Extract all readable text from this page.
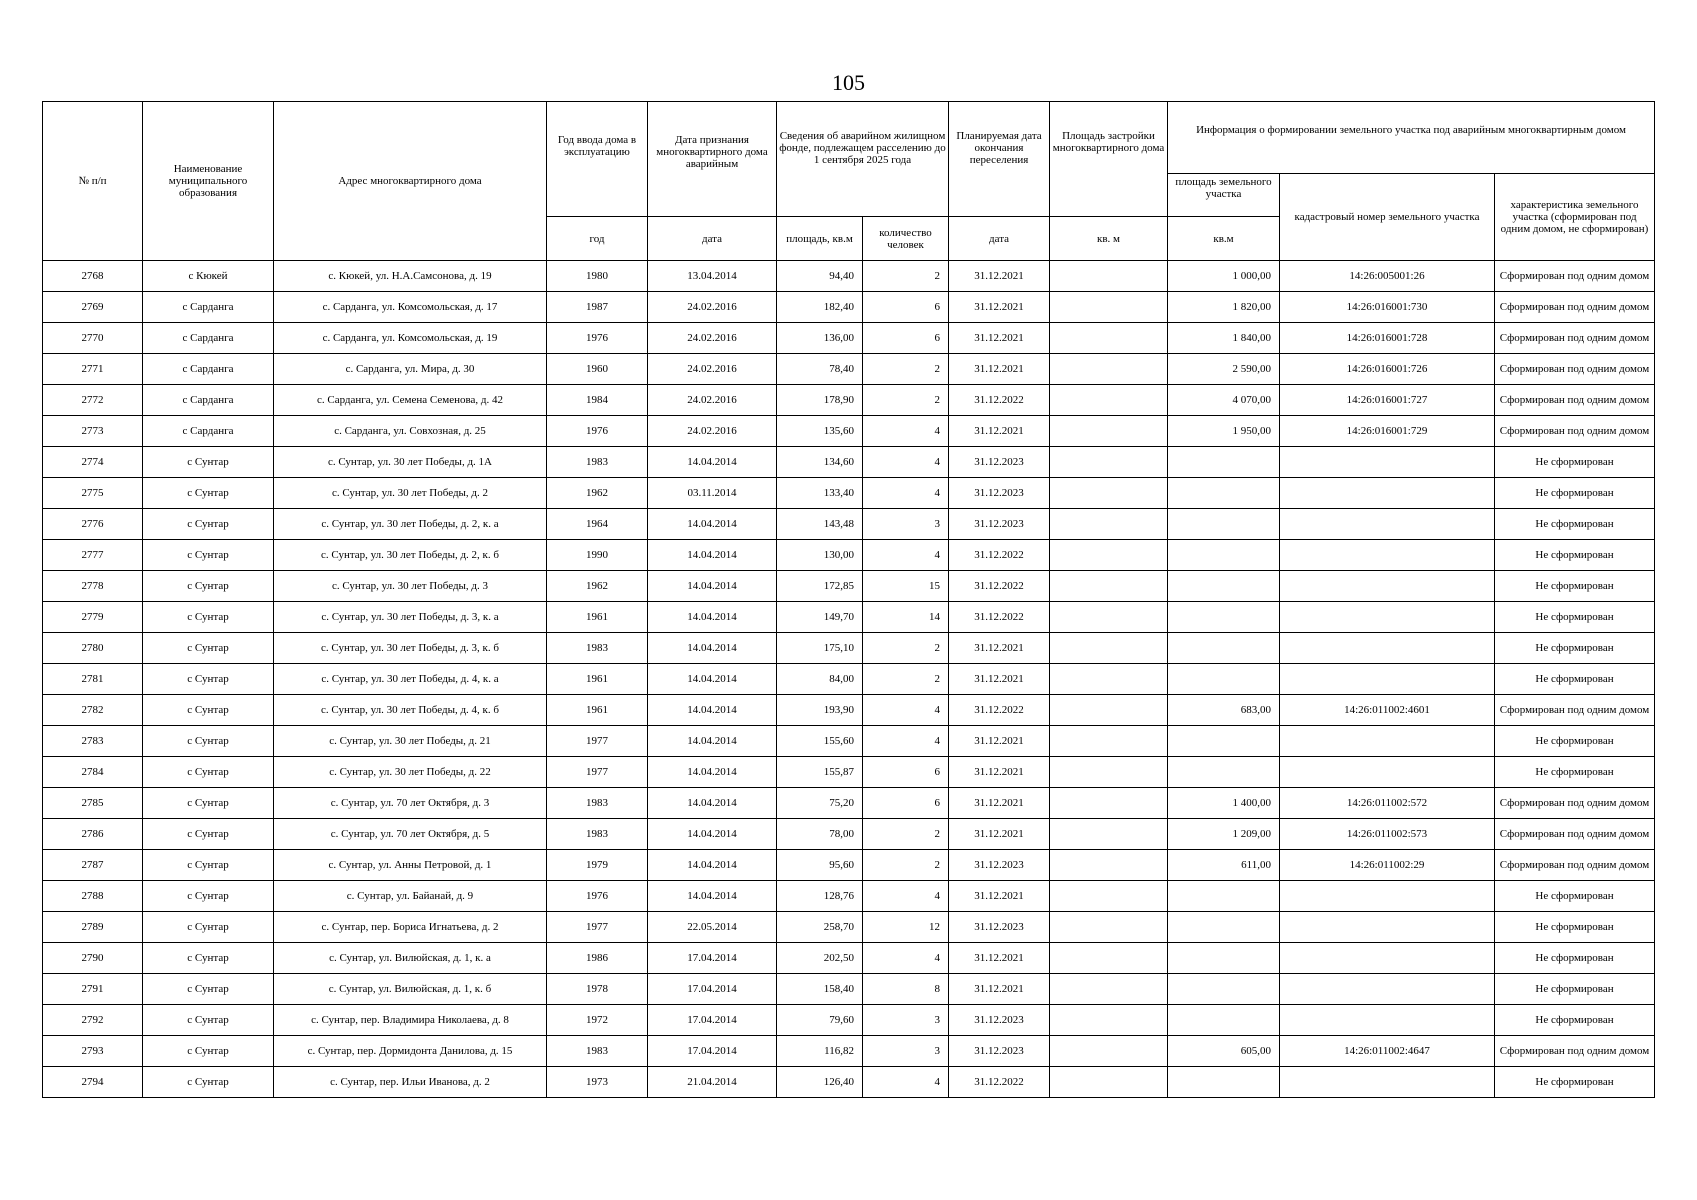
105
№ п/п	Наименование муниципального образования	Адрес многоквартирного дома	Год ввода дома в эксплуатацию	Дата признания многоквартирного дома аварийным	Сведения об аварийном жилищном фонде, подлежащем расселению до 1 сентября 2025 года		Планируемая дата окончания переселения	Площадь застройки многоквартирного дома	Информация о формировании земельного участка под аварийным многоквартирным домом		
									площадь земельного участка	кадастровый номер земельного участка	характеристика земельного участка (сформирован под одним домом, не сформирован)
			год	дата	площадь, кв.м	количество человек	дата	кв. м	кв.м		
2768	с Кюкей	с. Кюкей, ул. Н.А.Самсонова, д. 19	1980	13.04.2014	94,40	2	31.12.2021		1 000,00	14:26:005001:26	Сформирован под одним домом
2769	с Сарданга	с. Сарданга, ул. Комсомольская, д. 17	1987	24.02.2016	182,40	6	31.12.2021		1 820,00	14:26:016001:730	Сформирован под одним домом
2770	с Сарданга	с. Сарданга, ул. Комсомольская, д. 19	1976	24.02.2016	136,00	6	31.12.2021		1 840,00	14:26:016001:728	Сформирован под одним домом
2771	с Сарданга	с. Сарданга, ул. Мира, д. 30	1960	24.02.2016	78,40	2	31.12.2021		2 590,00	14:26:016001:726	Сформирован под одним домом
2772	с Сарданга	с. Сарданга, ул. Семена Семенова, д. 42	1984	24.02.2016	178,90	2	31.12.2022		4 070,00	14:26:016001:727	Сформирован под одним домом
2773	с Сарданга	с. Сарданга, ул. Совхозная, д. 25	1976	24.02.2016	135,60	4	31.12.2021		1 950,00	14:26:016001:729	Сформирован под одним домом
2774	с Сунтар	с. Сунтар, ул. 30 лет Победы, д. 1А	1983	14.04.2014	134,60	4	31.12.2023				Не сформирован
2775	с Сунтар	с. Сунтар, ул. 30 лет Победы, д. 2	1962	03.11.2014	133,40	4	31.12.2023				Не сформирован
2776	с Сунтар	с. Сунтар, ул. 30 лет Победы, д. 2, к. а	1964	14.04.2014	143,48	3	31.12.2023				Не сформирован
2777	с Сунтар	с. Сунтар, ул. 30 лет Победы, д. 2, к. б	1990	14.04.2014	130,00	4	31.12.2022				Не сформирован
2778	с Сунтар	с. Сунтар, ул. 30 лет Победы, д. 3	1962	14.04.2014	172,85	15	31.12.2022				Не сформирован
2779	с Сунтар	с. Сунтар, ул. 30 лет Победы, д. 3, к. а	1961	14.04.2014	149,70	14	31.12.2022				Не сформирован
2780	с Сунтар	с. Сунтар, ул. 30 лет Победы, д. 3, к. б	1983	14.04.2014	175,10	2	31.12.2021				Не сформирован
2781	с Сунтар	с. Сунтар, ул. 30 лет Победы, д. 4, к. а	1961	14.04.2014	84,00	2	31.12.2021				Не сформирован
2782	с Сунтар	с. Сунтар, ул. 30 лет Победы, д. 4, к. б	1961	14.04.2014	193,90	4	31.12.2022		683,00	14:26:011002:4601	Сформирован под одним домом
2783	с Сунтар	с. Сунтар, ул. 30 лет Победы, д. 21	1977	14.04.2014	155,60	4	31.12.2021				Не сформирован
2784	с Сунтар	с. Сунтар, ул. 30 лет Победы, д. 22	1977	14.04.2014	155,87	6	31.12.2021				Не сформирован
2785	с Сунтар	с. Сунтар, ул. 70 лет Октября, д. 3	1983	14.04.2014	75,20	6	31.12.2021		1 400,00	14:26:011002:572	Сформирован под одним домом
2786	с Сунтар	с. Сунтар, ул. 70 лет Октября, д. 5	1983	14.04.2014	78,00	2	31.12.2021		1 209,00	14:26:011002:573	Сформирован под одним домом
2787	с Сунтар	с. Сунтар, ул. Анны Петровой, д. 1	1979	14.04.2014	95,60	2	31.12.2023		611,00	14:26:011002:29	Сформирован под одним домом
2788	с Сунтар	с. Сунтар, ул. Байанай, д. 9	1976	14.04.2014	128,76	4	31.12.2021				Не сформирован
2789	с Сунтар	с. Сунтар, пер. Бориса Игнатьева, д. 2	1977	22.05.2014	258,70	12	31.12.2023				Не сформирован
2790	с Сунтар	с. Сунтар, ул. Вилюйская, д. 1, к. а	1986	17.04.2014	202,50	4	31.12.2021				Не сформирован
2791	с Сунтар	с. Сунтар, ул. Вилюйская, д. 1, к. б	1978	17.04.2014	158,40	8	31.12.2021				Не сформирован
2792	с Сунтар	с. Сунтар, пер. Владимира Николаева, д. 8	1972	17.04.2014	79,60	3	31.12.2023				Не сформирован
2793	с Сунтар	с. Сунтар, пер. Дормидонта Данилова, д. 15	1983	17.04.2014	116,82	3	31.12.2023		605,00	14:26:011002:4647	Сформирован под одним домом
2794	с Сунтар	с. Сунтар, пер. Ильи Иванова, д. 2	1973	21.04.2014	126,40	4	31.12.2022				Не сформирован
